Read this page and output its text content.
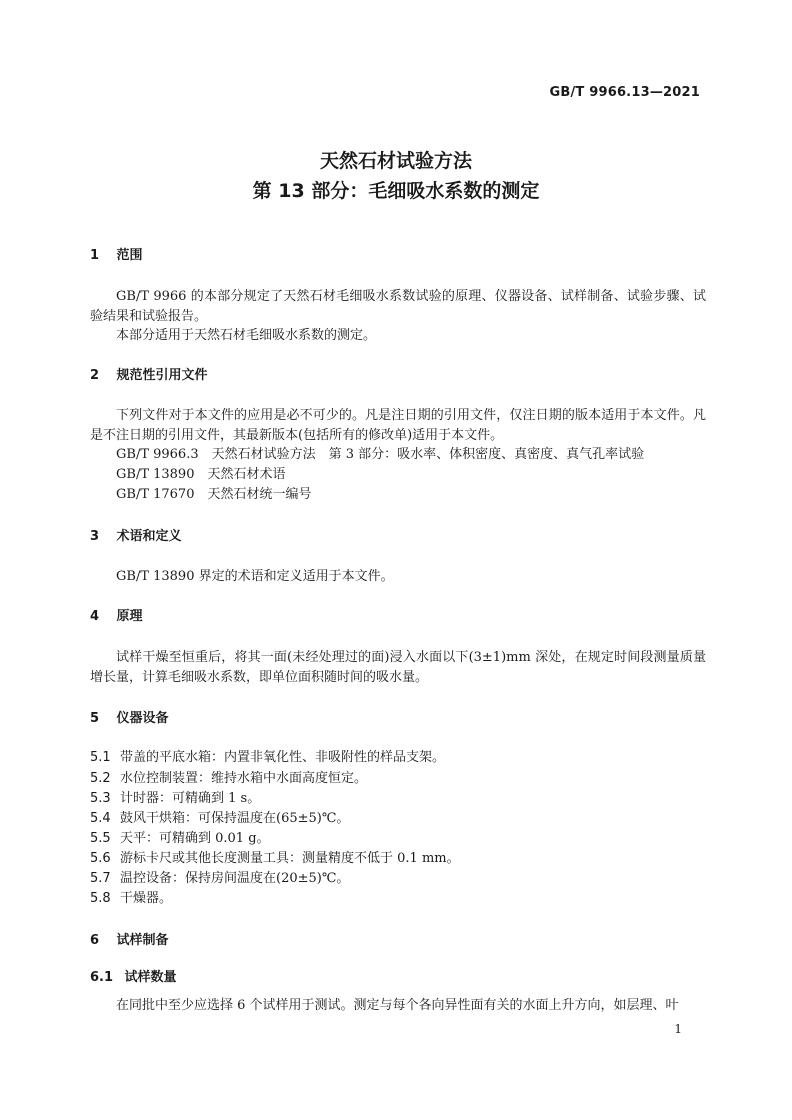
GB/T 9966.13—2021
天然石材试验方法
第 13 部分：毛细吸水系数的测定
1 范围
GB/T 9966 的本部分规定了天然石材毛细吸水系数试验的原理、仪器设备、试样制备、试验步骤、试验结果和试验报告。
本部分适用于天然石材毛细吸水系数的测定。
2 规范性引用文件
下列文件对于本文件的应用是必不可少的。凡是注日期的引用文件，仅注日期的版本适用于本文件。凡是不注日期的引用文件，其最新版本(包括所有的修改单)适用于本文件。
GB/T 9966.3　天然石材试验方法　第 3 部分：吸水率、体积密度、真密度、真气孔率试验
GB/T 13890　天然石材术语
GB/T 17670　天然石材统一编号
3 术语和定义
GB/T 13890 界定的术语和定义适用于本文件。
4 原理
试样干燥至恒重后，将其一面(未经处理过的面)浸入水面以下(3±1)mm 深处，在规定时间段测量质量增长量，计算毛细吸水系数，即单位面积随时间的吸水量。
5 仪器设备
5.1 带盖的平底水箱：内置非氧化性、非吸附性的样品支架。
5.2 水位控制装置：维持水箱中水面高度恒定。
5.3 计时器：可精确到 1 s。
5.4 鼓风干烘箱：可保持温度在(65±5)℃。
5.5 天平：可精确到 0.01 g。
5.6 游标卡尺或其他长度测量工具：测量精度不低于 0.1 mm。
5.7 温控设备：保持房间温度在(20±5)℃。
5.8 干燥器。
6 试样制备
6.1 试样数量
在同批中至少应选择 6 个试样用于测试。测定与每个各向异性面有关的水面上升方向，如层理、叶
1
